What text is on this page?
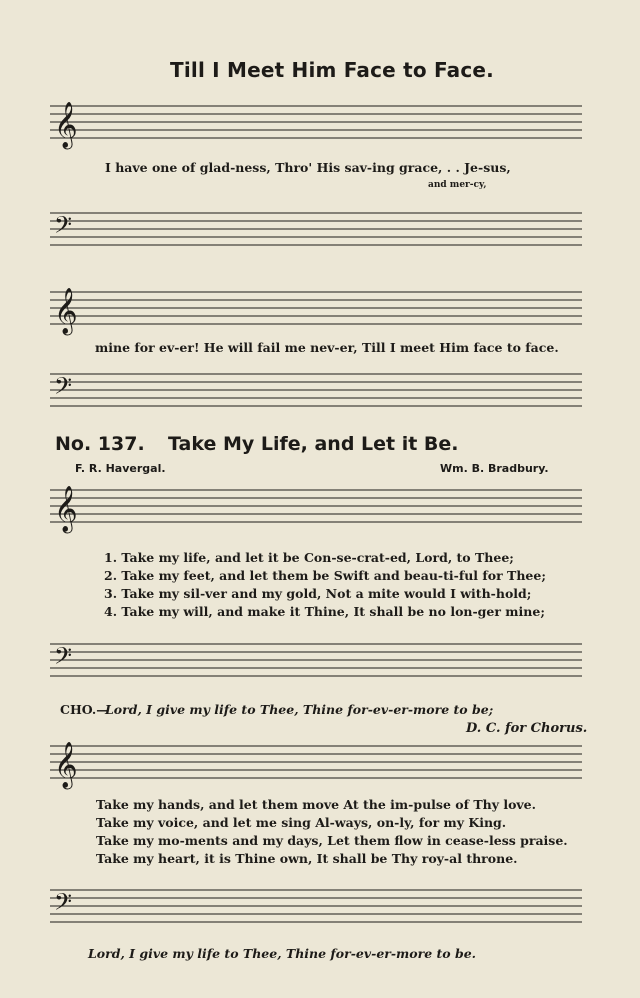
Till I Meet Him Face to Face.
𝄞
I have one of glad-ness, Thro' His sav-ing grace, . . Je-sus,
and mer-cy,
𝄢
𝄞
mine for ev-er! He will fail me nev-er, Till I meet Him face to face.
𝄢
No. 137. Take My Life, and Let it Be.
F. R. Havergal.	Wm. B. Bradbury.
𝄞
1. Take my life, and let it be Con-se-crat-ed, Lord, to Thee;
2. Take my feet, and let them be Swift and beau-ti-ful for Thee;
3. Take my sil-ver and my gold, Not a mite would I with-hold;
4. Take my will, and make it Thine, It shall be no lon-ger mine;
𝄢
CHO.—
Lord, I give my life to Thee, Thine for-ev-er-more to be;
D. C. for Chorus.
𝄞
Take my hands, and let them move At the im-pulse of Thy love.
Take my voice, and let me sing Al-ways, on-ly, for my King.
Take my mo-ments and my days, Let them flow in cease-less praise.
Take my heart, it is Thine own, It shall be Thy roy-al throne.
𝄢
Lord, I give my life to Thee, Thine for-ev-er-more to be.
